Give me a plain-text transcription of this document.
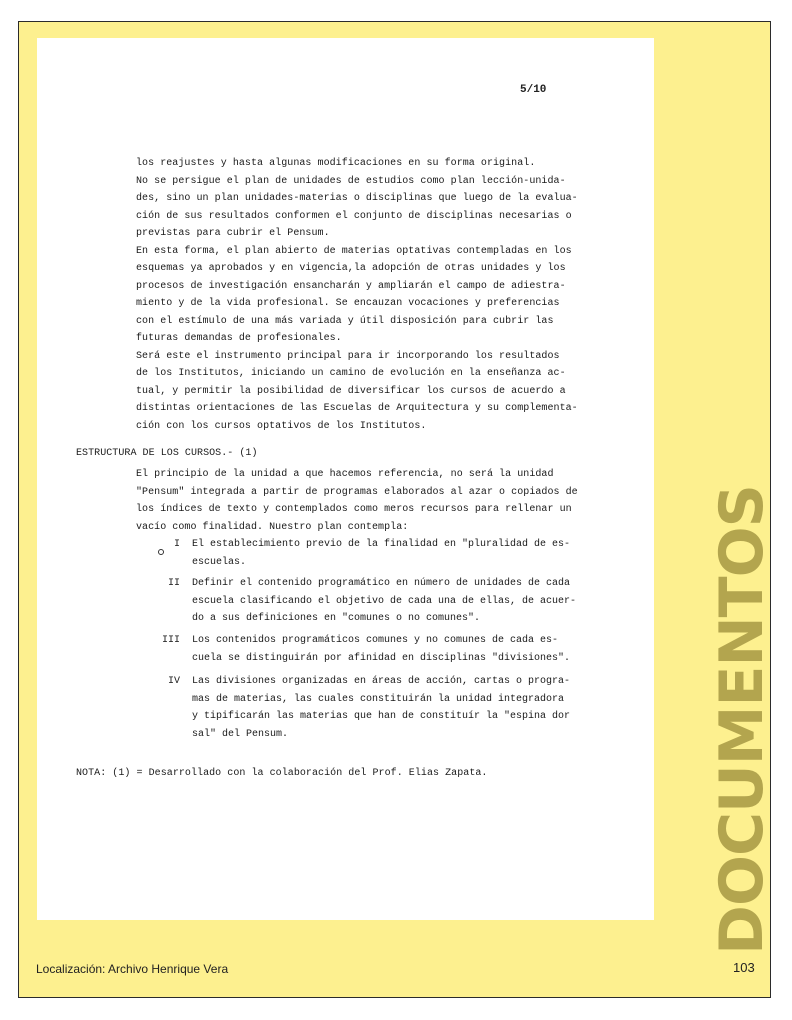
5/10
los reajustes y hasta algunas modificaciones en su forma original.
No se persigue el plan de unidades de estudios como plan lección-unida-
des, sino un plan unidades-materias o disciplinas que luego de la evalua-
ción de sus resultados conformen el conjunto de disciplinas necesarias o
previstas para cubrir el Pensum.
En esta forma, el plan abierto de materias optativas contempladas en los
esquemas ya aprobados y en vigencia,la adopción de otras unidades y los
procesos de investigación ensancharán y ampliarán el campo de adiestra-
miento y de la vida profesional. Se encauzan vocaciones y preferencias
con el estímulo de una más variada y útil disposición para cubrir las
futuras demandas de profesionales.
Será este el instrumento principal para ir incorporando los resultados
de los Institutos, iniciando un camino de evolución en la enseñanza ac-
tual, y permitir la posibilidad de diversificar los cursos de acuerdo a
distintas orientaciones de las Escuelas de Arquitectura y su complementa-
ción con los cursos optativos de los Institutos.
ESTRUCTURA DE LOS CURSOS.- (1)
El principio de la unidad a que hacemos referencia, no será la unidad
"Pensum" integrada a partir de programas elaborados al azar o copiados de
los índices de texto y contemplados como meros recursos para rellenar un
vacío como finalidad. Nuestro plan contempla:
I El establecimiento previo de la finalidad en "pluralidad de es-
escuelas.
II Definir el contenido programático en número de unidades de cada
escuela clasificando el objetivo de cada una de ellas, de acuer-
do a sus definiciones en "comunes o no comunes".
III Los contenidos programáticos comunes y no comunes de cada es-
cuela se distinguirán por afinidad en disciplinas "divisiones".
IV Las divisiones organizadas en áreas de acción, cartas o progra-
mas de materias, las cuales constituirán la unidad integradora
y tipificarán las materias que han de constituír la "espina dor
sal" del Pensum.
NOTA: (1) = Desarrollado con la colaboración del Prof. Elias Zapata.	DOCUMENTOS
Localización: Archivo Henrique Vera	103
